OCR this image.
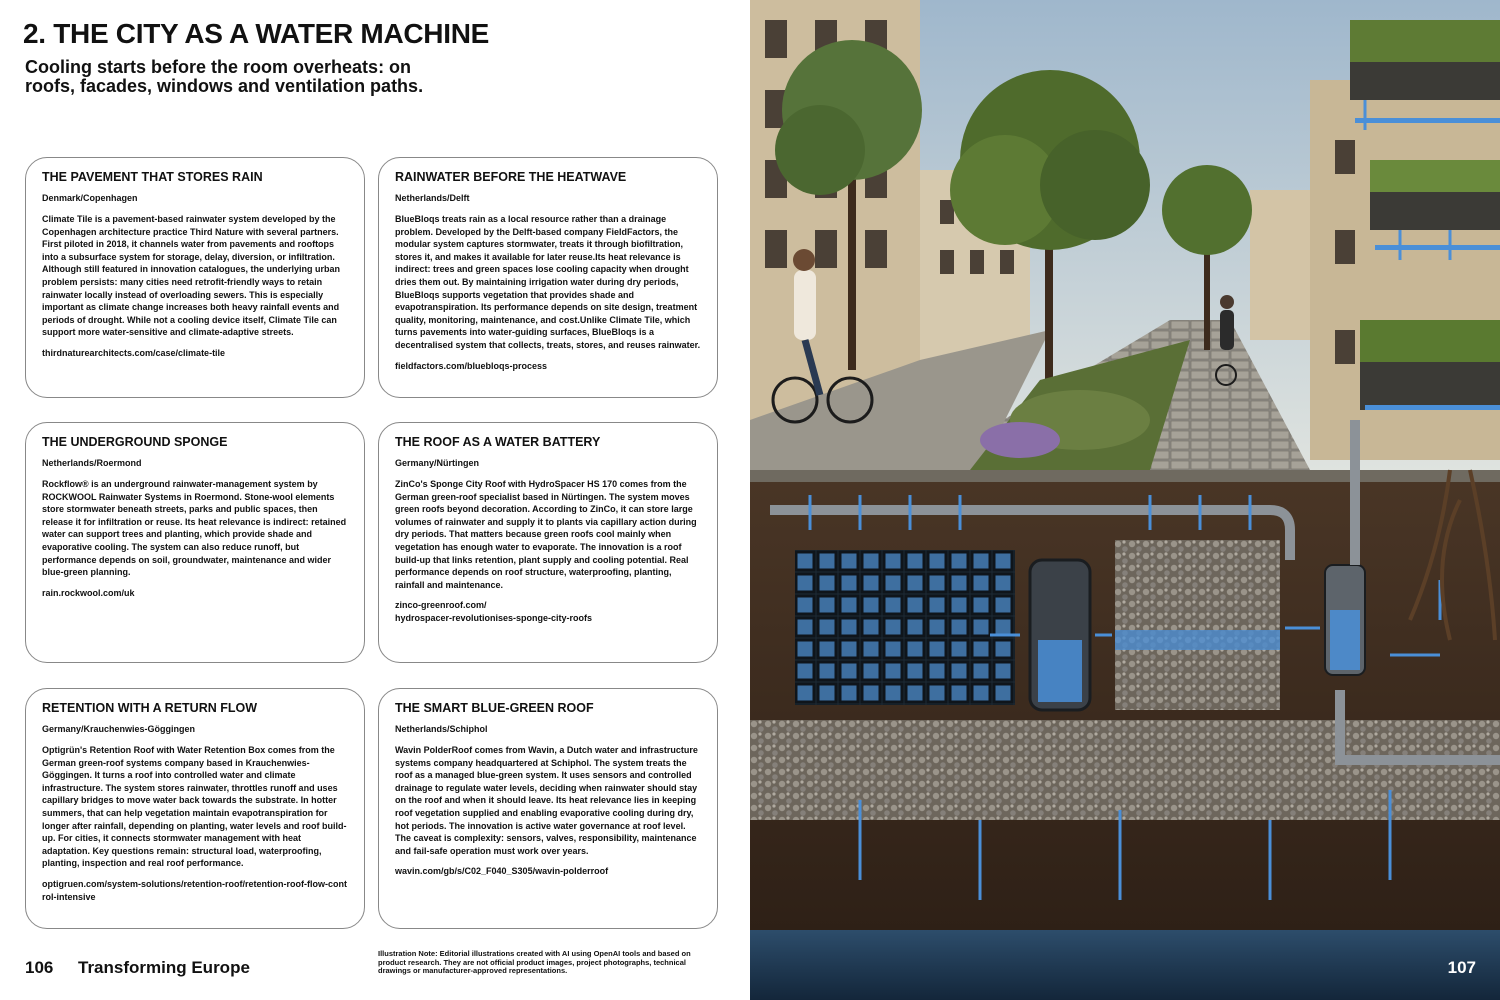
2. THE CITY AS A WATER MACHINE

Cooling starts before the room overheats: on roofs, facades, windows and ventilation paths.

THE PAVEMENT THAT STORES RAIN
Denmark/Copenhagen
Climate Tile is a pavement-based rainwater system developed by the Copenhagen architecture practice Third Nature with several partners. First piloted in 2018, it channels water from pavements and rooftops into a subsurface system for storage, delay, diversion, or infiltration.
Although still featured in innovation catalogues, the underlying urban problem persists: many cities need retrofit-friendly ways to retain rainwater locally instead of overloading sewers. This is especially important as climate change increases both heavy rainfall events and periods of drought. While not a cooling device itself, Climate Tile can support more water-sensitive and climate-adaptive streets.
thirdnaturearchitects.com/case/climate-tile
RAINWATER BEFORE THE HEATWAVE
Netherlands/Delft
BlueBloqs treats rain as a local resource rather than a drainage problem. Developed by the Delft-based company FieldFactors, the modular system captures stormwater, treats it through biofiltration, stores it, and makes it available for later reuse.Its heat relevance is indirect: trees and green spaces lose cooling capacity when drought dries them out. By maintaining irrigation water during dry periods, BlueBloqs supports vegetation that provides shade and evapotranspiration. Its performance depends on site design, treatment quality, monitoring, maintenance, and cost.Unlike Climate Tile, which turns pavements into water-guiding surfaces, BlueBloqs is a decentralised system that collects, treats, stores, and reuses rainwater.
fieldfactors.com/bluebloqs-process
THE UNDERGROUND SPONGE
Netherlands/Roermond
Rockflow® is an underground rainwater-management system by ROCKWOOL Rainwater Systems in Roermond. Stone-wool elements store stormwater beneath streets, parks and public spaces, then release it for infiltration or reuse. Its heat relevance is indirect: retained water can support trees and planting, which provide shade and evaporative cooling. The system can also reduce runoff, but performance depends on soil, groundwater, maintenance and wider blue-green planning.
rain.rockwool.com/uk
THE ROOF AS A WATER BATTERY
Germany/Nürtingen
ZinCo's Sponge City Roof with HydroSpacer HS 170 comes from the German green-roof specialist based in Nürtingen. The system moves green roofs beyond decoration. According to ZinCo, it can store large volumes of rainwater and supply it to plants via capillary action during dry periods. That matters because green roofs cool mainly when vegetation has enough water to evaporate. The innovation is a roof build-up that links retention, plant supply and cooling potential. Real performance depends on roof structure, waterproofing, planting, rainfall and maintenance.
zinco-greenroof.com/
hydrospacer-revolutionises-sponge-city-roofs
RETENTION WITH A RETURN FLOW
Germany/Krauchenwies-Göggingen
Optigrün's Retention Roof with Water Retention Box comes from the German green-roof systems company based in Krauchenwies-Göggingen. It turns a roof into controlled water and climate infrastructure. The system stores rainwater, throttles runoff and uses capillary bridges to move water back towards the substrate. In hotter summers, that can help vegetation maintain evapotranspiration for longer after rainfall, depending on planting, water levels and roof build-up. For cities, it connects stormwater management with heat adaptation. Key questions remain: structural load, waterproofing, planting, inspection and real roof performance.
optigruen.com/system-solutions/retention-roof/retention-roof-flow-control-intensive
THE SMART BLUE-GREEN ROOF
Netherlands/Schiphol
Wavin PolderRoof comes from Wavin, a Dutch water and infrastructure systems company headquartered at Schiphol. The system treats the roof as a managed blue-green system. It uses sensors and controlled drainage to regulate water levels, deciding when rainwater should stay on the roof and when it should leave. Its heat relevance lies in keeping roof vegetation supplied and enabling evaporative cooling during dry, hot periods. The innovation is active water governance at roof level. The caveat is complexity: sensors, valves, responsibility, maintenance and fail-safe operation must work over years.
wavin.com/gb/s/C02_F040_S305/wavin-polderroof
106 Transforming Europe
Illustration Note: Editorial illustrations created with AI using OpenAI tools and based on product research. They are not official product images, project photographs, technical drawings or manufacturer-approved representations.	107
